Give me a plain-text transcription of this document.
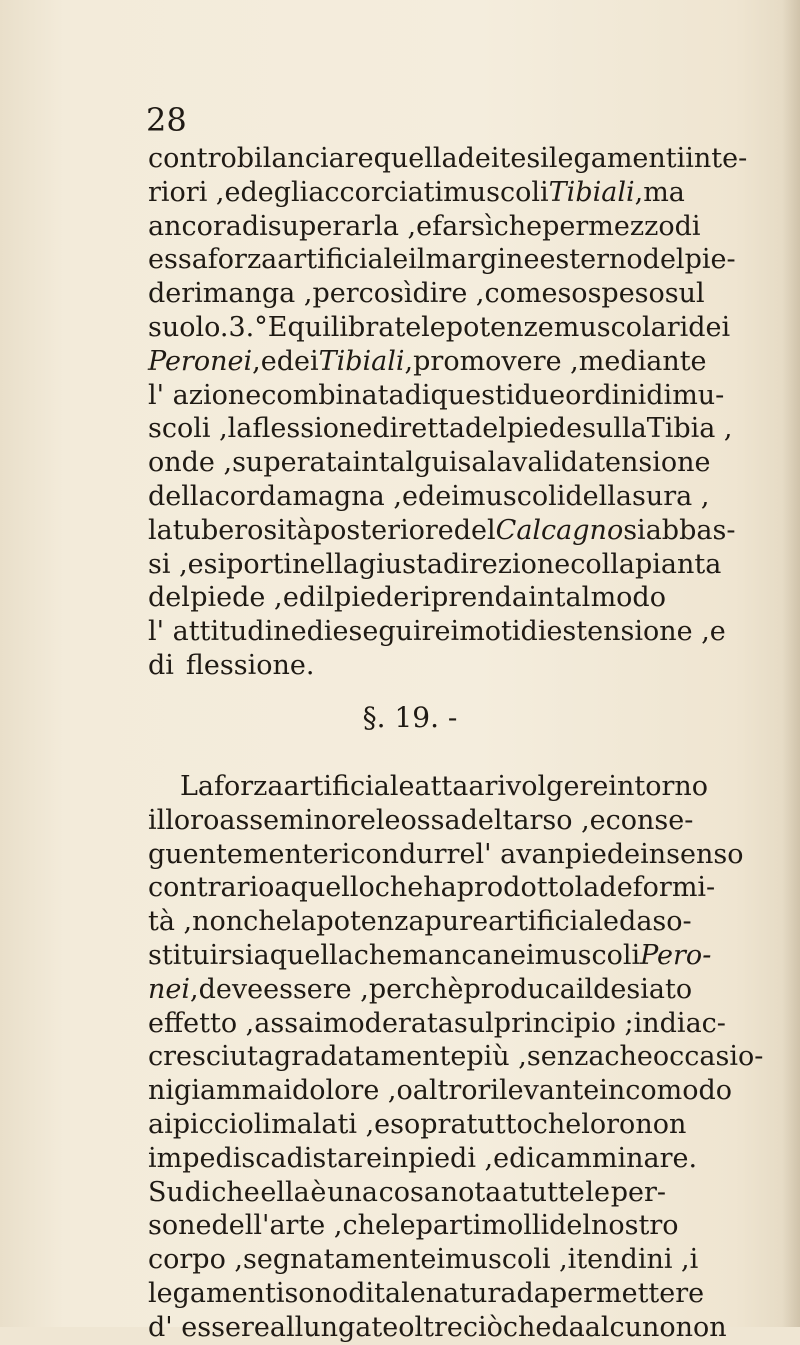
28
controbilanciare quella dei tesi legamenti inte-
riori , e degli accorciati muscoli Tibiali, ma
ancora di superarla , e far sì che per mezzo di
essa forza artificiale il margine esterno del pie-
de rimanga , per così dire , come sospeso sul
suolo. 3.° Equilibrate le potenze muscolari dei
Peronei, e dei Tibiali, promovere , mediante
l' azione combinata di questi due ordini di mu-
scoli , la flessione diretta del piede sulla Tibia ,
onde , superata in tal guisa la valida tensione
della corda magna , e dei muscoli della sura ,
la tuberosità posteriore del Calcagno si abbas-
si , e si porti nella giusta direzione colla pianta
del piede , ed il piede riprenda in tal modo
l' attitudine di eseguire i moti di estensione , e
di flessione.
§. 19. -
La forza artificiale atta a rivolgere intorno
il loro asse minore le ossa del tarso , e conse-
guentemente ricondurre l' avanpiede in senso
contrario a quello che ha prodotto la deformi-
tà , non che la potenza pure artificiale da so-
stituirsi a quella che manca nei muscoli Pero-
nei, deve essere , perchè produca il desiato
effetto , assai moderata sul principio ; indi ac-
cresciuta gradatamente più , senza che occasio-
ni giammai dolore , o altro rilevante incomodo
ai piccioli malati , e sopra tutto che loro non
impedisca di stare in piedi , e di camminare.
Su di che ella è una cosa nota a tutte le per-
sone dell' arte , che le parti molli del nostro
corpo , segnatamente i muscoli , i tendini , i
legamenti sono di tale natura da permettere
d' essere allungate oltre ciò che da alcuno non
